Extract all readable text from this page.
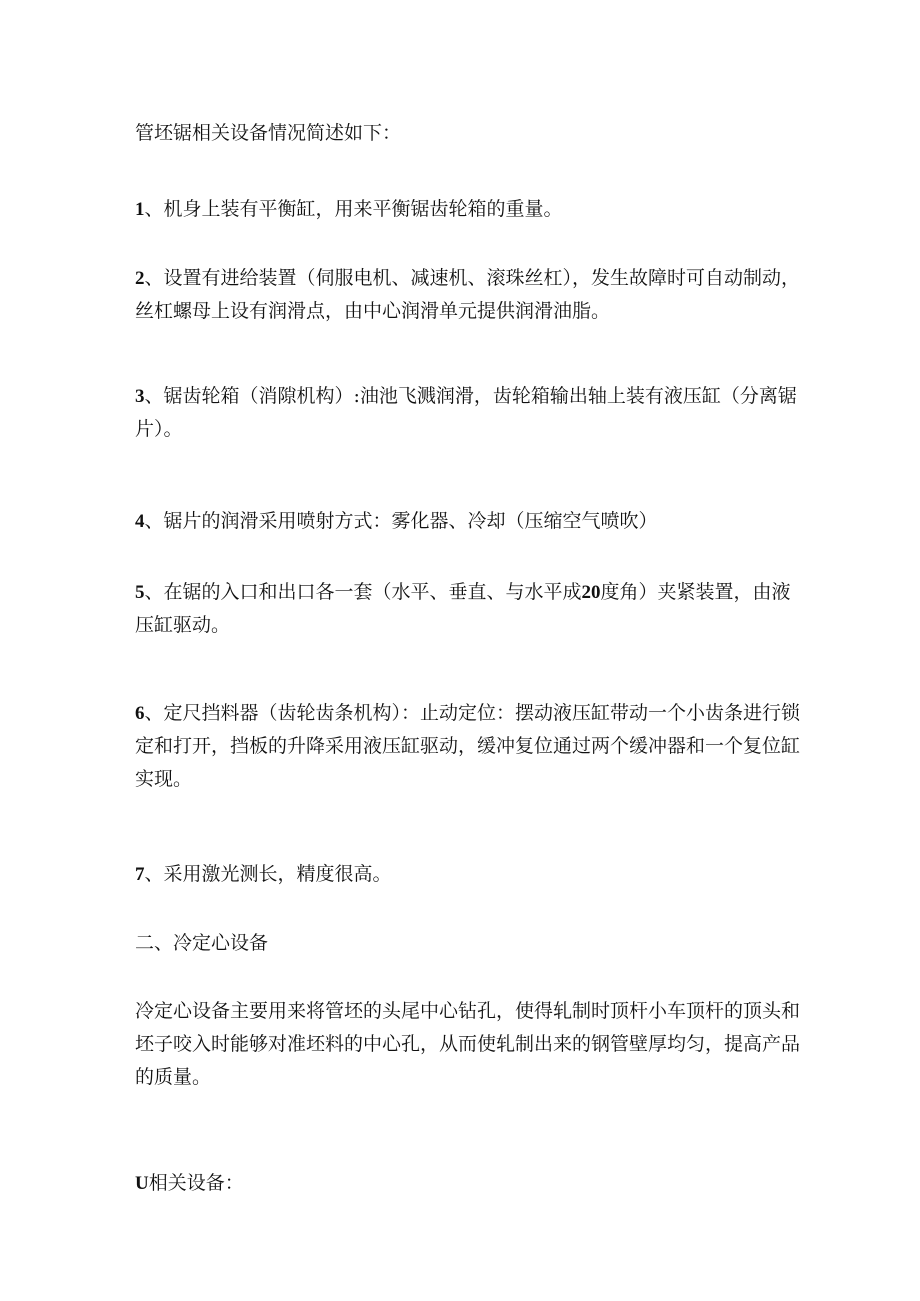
管坯锯相关设备情况简述如下：

1、机身上装有平衡缸，用来平衡锯齿轮箱的重量。

2、设置有进给装置（伺服电机、减速机、滚珠丝杠），发生故障时可自动制动，丝杠螺母上设有润滑点，由中心润滑单元提供润滑油脂。

3、锯齿轮箱（消隙机构）:油池飞溅润滑，齿轮箱输出轴上装有液压缸（分离锯片）。

4、锯片的润滑采用喷射方式：雾化器、冷却（压缩空气喷吹）

5、在锯的入口和出口各一套（水平、垂直、与水平成20度角）夹紧装置，由液压缸驱动。

6、定尺挡料器（齿轮齿条机构）：止动定位：摆动液压缸带动一个小齿条进行锁定和打开，挡板的升降采用液压缸驱动，缓冲复位通过两个缓冲器和一个复位缸实现。

7、采用激光测长，精度很高。

二、冷定心设备

冷定心设备主要用来将管坯的头尾中心钻孔，使得轧制时顶杆小车顶杆的顶头和坯子咬入时能够对准坯料的中心孔，从而使轧制出来的钢管壁厚均匀，提高产品的质量。

U相关设备：
